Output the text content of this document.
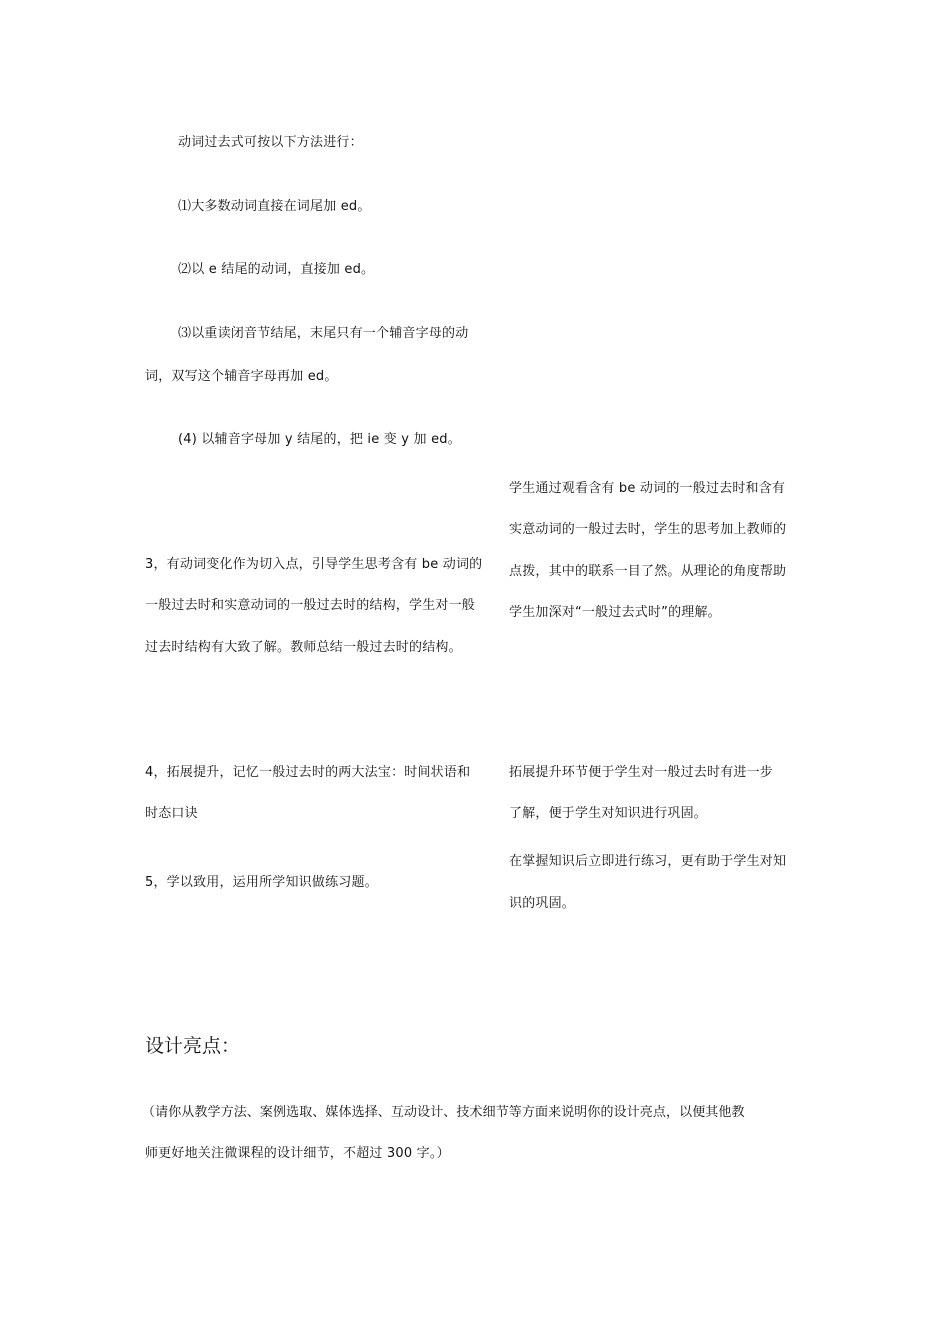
动词过去式可按以下方法进行：
⑴大多数动词直接在词尾加 ed。
⑵以 e 结尾的动词，直接加 ed。
⑶以重读闭音节结尾，末尾只有一个辅音字母的动
词，双写这个辅音字母再加 ed。
(4) 以辅音字母加 y 结尾的，把 ie 变 y 加 ed。
3，有动词变化作为切入点，引导学生思考含有 be 动词的
一般过去时和实意动词的一般过去时的结构，学生对一般
过去时结构有大致了解。教师总结一般过去时的结构。
4，拓展提升，记忆一般过去时的两大法宝：时间状语和
时态口诀
5，学以致用，运用所学知识做练习题。
学生通过观看含有 be 动词的一般过去时和含有
实意动词的一般过去时，学生的思考加上教师的
点拨，其中的联系一目了然。从理论的角度帮助
学生加深对“一般过去式时”的理解。
拓展提升环节便于学生对一般过去时有进一步
了解，便于学生对知识进行巩固。
在掌握知识后立即进行练习，更有助于学生对知
识的巩固。
设计亮点：
（请你从教学方法、案例选取、媒体选择、互动设计、技术细节等方面来说明你的设计亮点，以便其他教
师更好地关注微课程的设计细节，不超过 300 字。）
